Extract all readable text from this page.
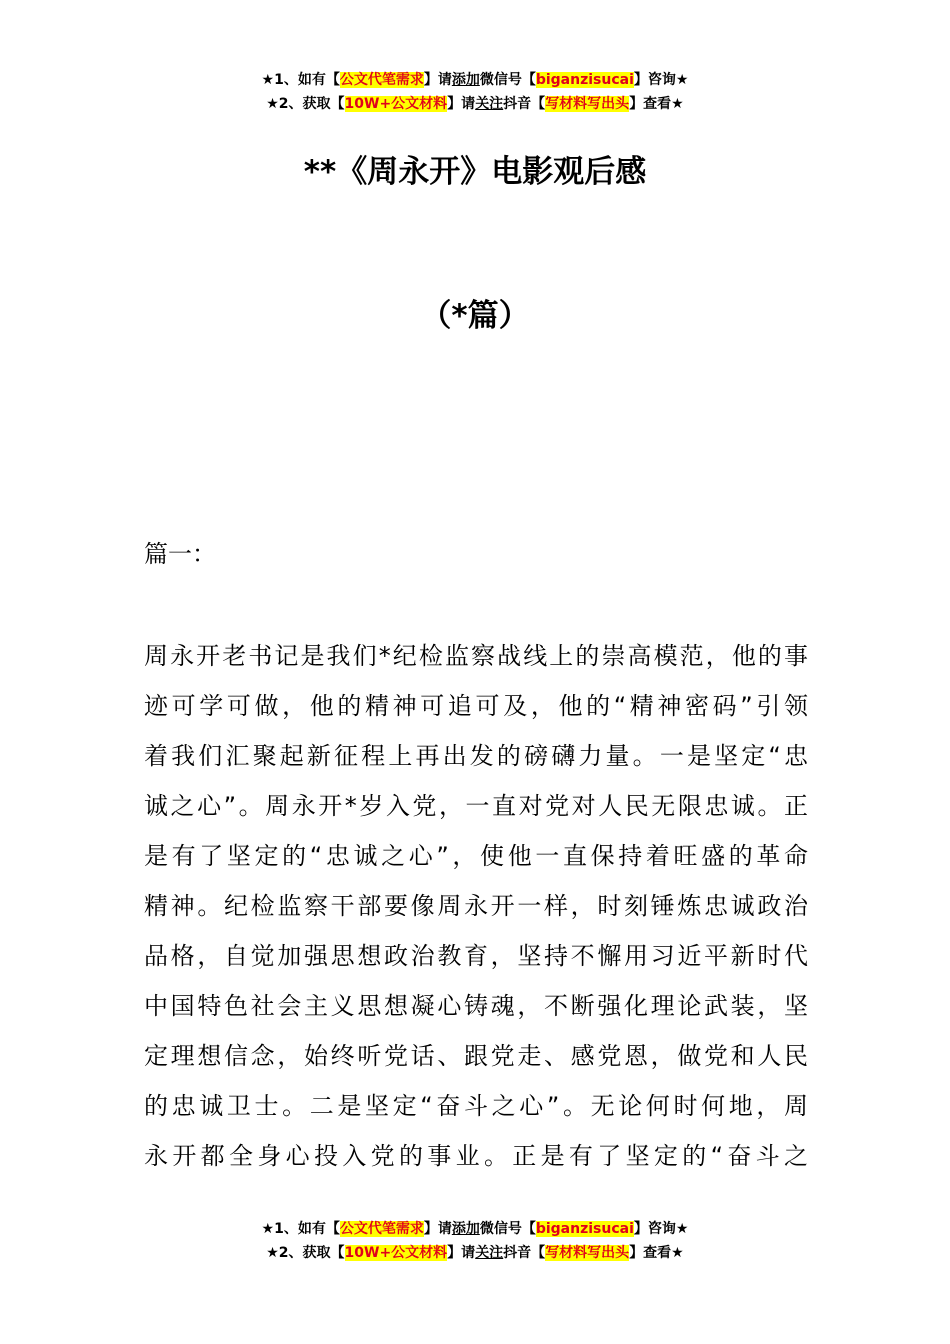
★1、如有【公文代笔需求】请添加微信号【biganzisucai】咨询★
★2、获取【10W+公文材料】请关注抖音【写材料写出头】查看★
**《周永开》电影观后感
（*篇）
篇一：
周永开老书记是我们*纪检监察战线上的崇高模范，他的事
迹可学可做，他的精神可追可及，他的“精神密码”引领
着我们汇聚起新征程上再出发的磅礴力量。一是坚定“忠
诚之心”。周永开*岁入党，一直对党对人民无限忠诚。正
是有了坚定的“忠诚之心”，使他一直保持着旺盛的革命
精神。纪检监察干部要像周永开一样，时刻锤炼忠诚政治
品格，自觉加强思想政治教育，坚持不懈用习近平新时代
中国特色社会主义思想凝心铸魂，不断强化理论武装，坚
定理想信念，始终听党话、跟党走、感党恩，做党和人民
的忠诚卫士。二是坚定“奋斗之心”。无论何时何地，周
永开都全身心投入党的事业。正是有了坚定的“奋斗之
★1、如有【公文代笔需求】请添加微信号【biganzisucai】咨询★
★2、获取【10W+公文材料】请关注抖音【写材料写出头】查看★
